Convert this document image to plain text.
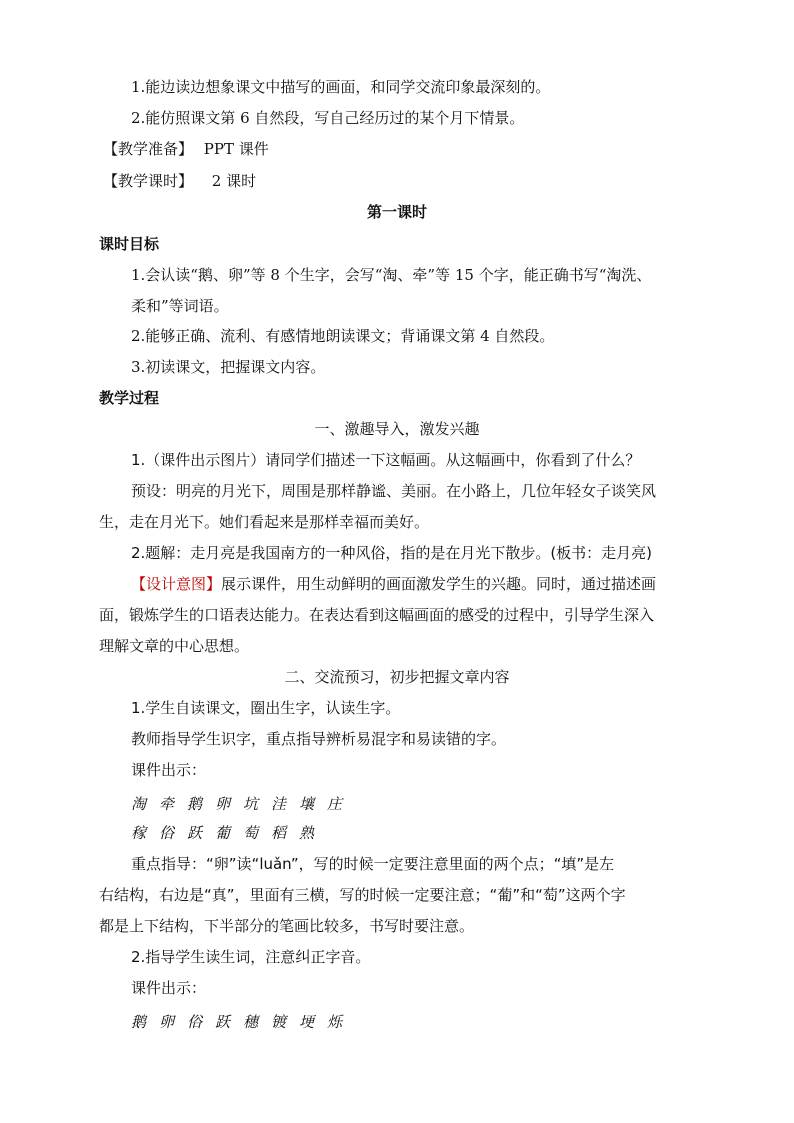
1.能边读边想象课文中描写的画面，和同学交流印象最深刻的。
2.能仿照课文第 6 自然段，写自己经历过的某个月下情景。
【教学准备】 PPT 课件
【教学课时】 2 课时
第一课时
课时目标
1.会认读“鹅、卵”等 8 个生字，会写“淘、牵”等 15 个字，能正确书写“淘洗、
柔和”等词语。
2.能够正确、流利、有感情地朗读课文；背诵课文第 4 自然段。
3.初读课文，把握课文内容。
教学过程
一、激趣导入，激发兴趣
1.（课件出示图片）请同学们描述一下这幅画。从这幅画中，你看到了什么？
预设：明亮的月光下，周围是那样静谧、美丽。在小路上，几位年轻女子谈笑风
生，走在月光下。她们看起来是那样幸福而美好。
2.题解：走月亮是我国南方的一种风俗，指的是在月光下散步。(板书：走月亮)
【设计意图】展示课件，用生动鲜明的画面激发学生的兴趣。同时，通过描述画
面，锻炼学生的口语表达能力。在表达看到这幅画面的感受的过程中，引导学生深入
理解文章的中心思想。
二、交流预习，初步把握文章内容
1.学生自读课文，圈出生字，认读生字。
教师指导学生识字，重点指导辨析易混字和易读错的字。
课件出示：
淘 牵 鹅 卵 坑 洼 壤 庄
稼 俗 跃 葡 萄 稻 熟
重点指导：“卵”读“luǎn”，写的时候一定要注意里面的两个点；“填”是左
右结构，右边是“真”，里面有三横，写的时候一定要注意；“葡”和“萄”这两个字
都是上下结构，下半部分的笔画比较多，书写时要注意。
2.指导学生读生词，注意纠正字音。
课件出示：
鹅 卵 俗 跃 穗 镀 埂 烁
